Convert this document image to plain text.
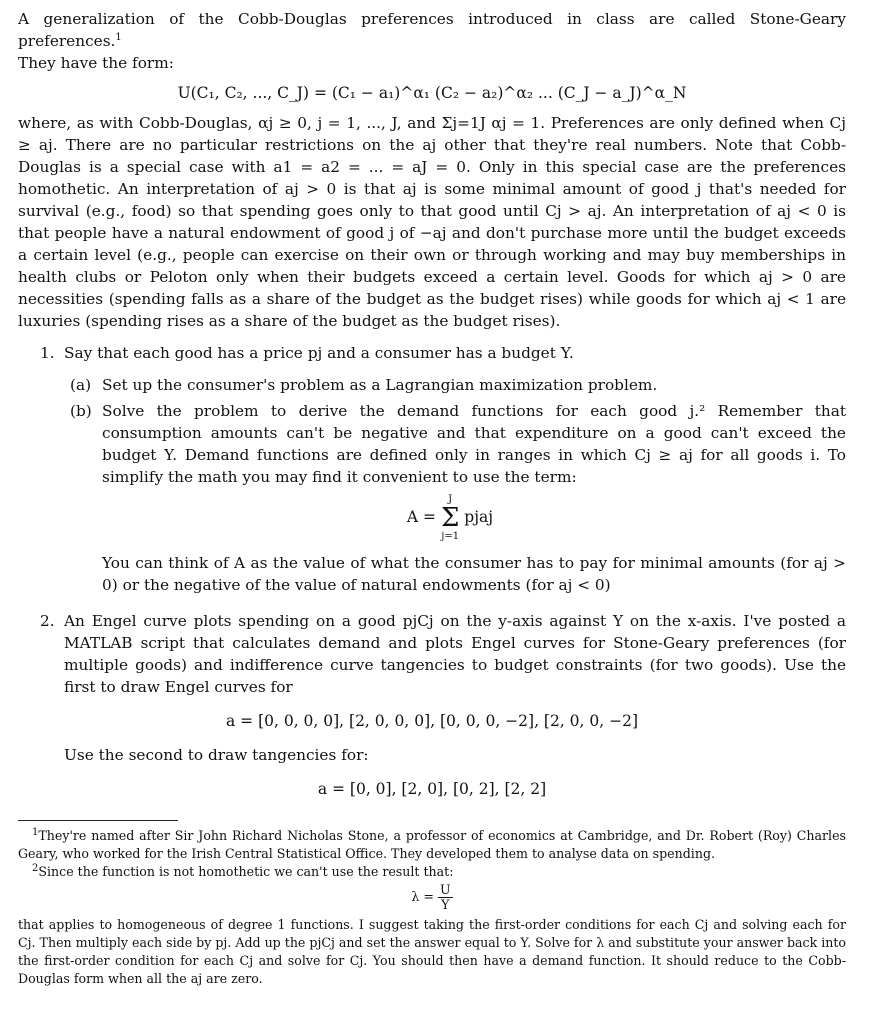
A generalization of the Cobb-Douglas preferences introduced in class are called Stone-Geary preferences.$^1$
They have the form:

U(C₁, C₂, ..., C_J) = (C₁ − a₁)^α₁ (C₂ − a₂)^α₂ ... (C_J − a_J)^α_N

where, as with Cobb-Douglas, αj ≥ 0, j = 1, ..., J, and Σj=1J αj = 1. Preferences are only defined when Cj ≥ aj. There are no particular restrictions on the aj other that they're real numbers. Note that Cobb-Douglas is a special case with a1 = a2 = ... = aJ = 0. Only in this special case are the preferences homothetic. An interpretation of aj > 0 is that aj is some minimal amount of good j that's needed for survival (e.g., food) so that spending goes only to that good until Cj > aj. An interpretation of aj < 0 is that people have a natural endowment of good j of −aj and don't purchase more until the budget exceeds a certain level (e.g., people can exercise on their own or through working and may buy memberships in health clubs or Peloton only when their budgets exceed a certain level. Goods for which aj > 0 are necessities (spending falls as a share of the budget as the budget rises) while goods for which aj < 1 are luxuries (spending rises as a share of the budget as the budget rises).

1. Say that each good has a price pj and a consumer has a budget Y.

(a) Set up the consumer's problem as a Lagrangian maximization problem.

(b) Solve the problem to derive the demand functions for each good j.² Remember that consumption amounts can't be negative and that expenditure on a good can't exceed the budget Y. Demand functions are defined only in ranges in which Cj ≥ aj for all goods i. To simplify the math you may find it convenient to use the term:

A =
J
Σ
j=1
pjaj

You can think of A as the value of what the consumer has to pay for minimal amounts (for aj > 0) or the negative of the value of natural endowments (for aj < 0)

2. An Engel curve plots spending on a good pjCj on the y-axis against Y on the x-axis. I've posted a MATLAB script that calculates demand and plots Engel curves for Stone-Geary preferences (for multiple goods) and indifference curve tangencies to budget constraints (for two goods). Use the first to draw Engel curves for

a = [0, 0, 0, 0], [2, 0, 0, 0], [0, 0, 0, −2], [2, 0, 0, −2]

Use the second to draw tangencies for:

a = [0, 0], [2, 0], [0, 2], [2, 2]

$^1$They're named after Sir John Richard Nicholas Stone, a professor of economics at Cambridge, and Dr. Robert (Roy) Charles Geary, who worked for the Irish Central Statistical Office. They developed them to analyse data on spending.

$^2$Since the function is not homothetic we can't use the result that:

$\lambda = \frac{U}{Y}$

that applies to homogeneous of degree 1 functions. I suggest taking the first-order conditions for each Cj and solving each for Cj. Then multiply each side by pj. Add up the pjCj and set the answer equal to Y. Solve for λ and substitute your answer back into the first-order condition for each Cj and solve for Cj. You should then have a demand function. It should reduce to the Cobb-Douglas form when all the aj are zero.
